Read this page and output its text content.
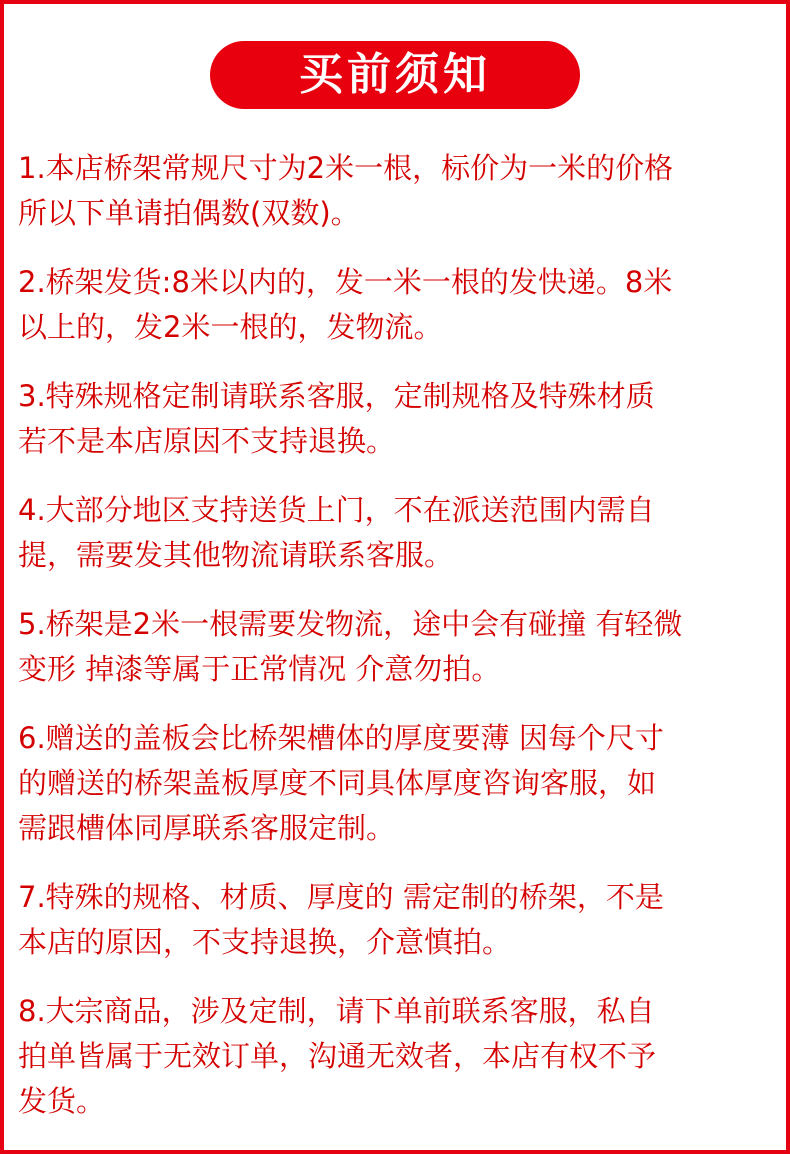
买前须知
1.本店桥架常规尺寸为2米一根，标价为一米的价格
所以下单请拍偶数(双数)。
2.桥架发货:8米以内的，发一米一根的发快递。8米
以上的，发2米一根的，发物流。
3.特殊规格定制请联系客服，定制规格及特殊材质
若不是本店原因不支持退换。
4.大部分地区支持送货上门，不在派送范围内需自
提，需要发其他物流请联系客服。
5.桥架是2米一根需要发物流，途中会有碰撞 有轻微
变形 掉漆等属于正常情况 介意勿拍。
6.赠送的盖板会比桥架槽体的厚度要薄 因每个尺寸
的赠送的桥架盖板厚度不同具体厚度咨询客服，如
需跟槽体同厚联系客服定制。
7.特殊的规格、材质、厚度的 需定制的桥架，不是
本店的原因，不支持退换，介意慎拍。
8.大宗商品，涉及定制，请下单前联系客服，私自
拍单皆属于无效订单，沟通无效者，本店有权不予
发货。
